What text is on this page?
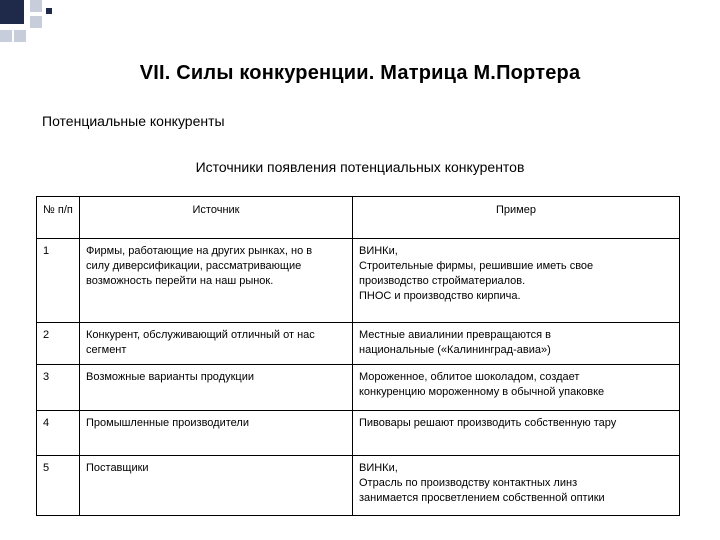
VII. Силы конкуренции. Матрица М.Портера
Потенциальные конкуренты
Источники появления потенциальных конкурентов
№ п/п	Источник	Пример
1	Фирмы, работающие на других рынках, но в
силу диверсификации, рассматривающие
возможность перейти на наш рынок.	ВИНКи,
Строительные фирмы, решившие иметь свое
производство стройматериалов.
ПНОС и производство кирпича.

2	Конкурент, обслуживающий отличный от нас
сегмент	Местные авиалинии превращаются в
национальные («Калининград-авиа»)

3	Возможные варианты продукции	Мороженное, облитое шоколадом, создает
конкуренцию мороженному в обычной упаковке

4	Промышленные производители	Пивовары решают производить собственную тару

5	Поставщики	ВИНКи,
Отрасль по производству контактных линз
занимается просветлением собственной оптики
